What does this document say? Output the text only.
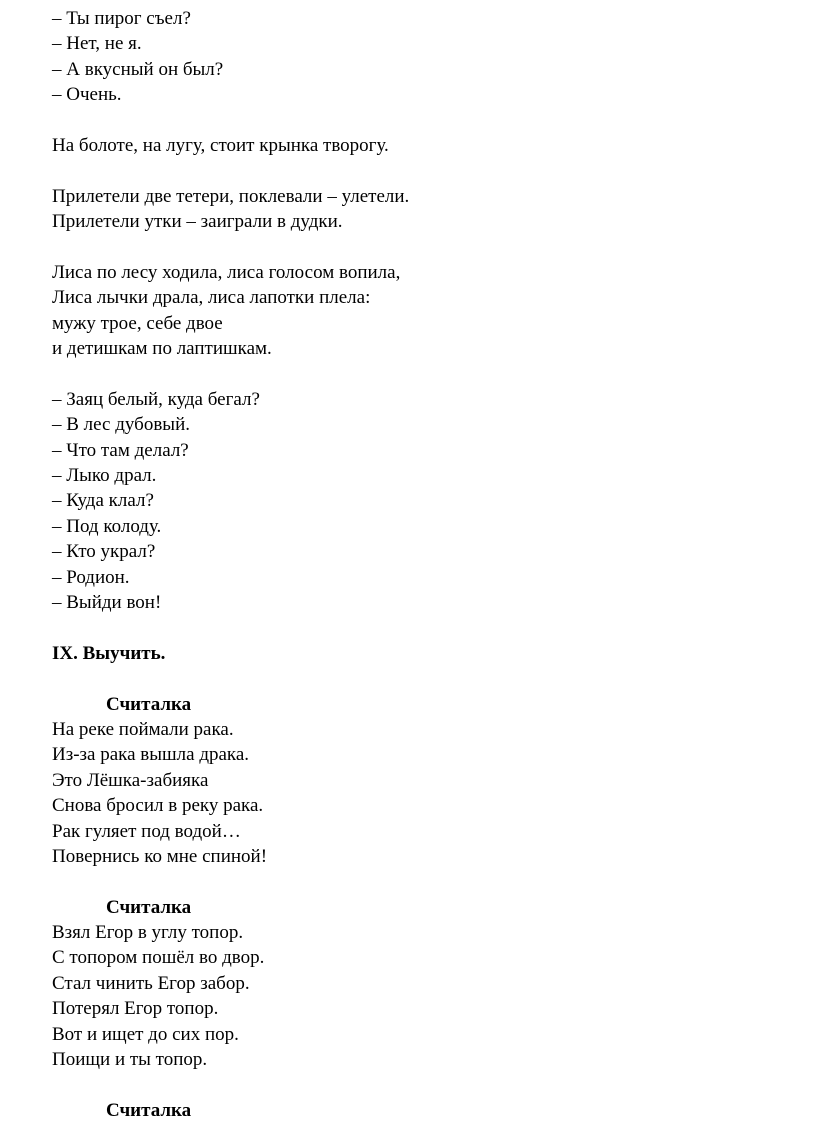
– Ты пирог съел?

– Нет, не я.

– А вкусный он был?

– Очень.

На болоте, на лугу, стоит крынка творогу.

Прилетели две тетери, поклевали – улетели.

Прилетели утки – заиграли в дудки.

Лиса по лесу ходила, лиса голосом вопила,

Лиса лычки драла, лиса лапотки плела:

мужу трое, себе двое

и детишкам по лаптишкам.

– Заяц белый, куда бегал?

– В лес дубовый.

– Что там делал?

– Лыко драл.

– Куда клал?

– Под колоду.

– Кто украл?

– Родион.

– Выйди вон!

IX. Выучить.

Считалка

На реке поймали рака.

Из-за рака вышла драка.

Это Лёшка-забияка

Снова бросил в реку рака.

Рак гуляет под водой…

Повернись ко мне спиной!

Считалка

Взял Егор в углу топор.

С топором пошёл во двор.

Стал чинить Егор забор.

Потерял Егор топор.

Вот и ищет до сих пор.

Поищи и ты топор.

Считалка
